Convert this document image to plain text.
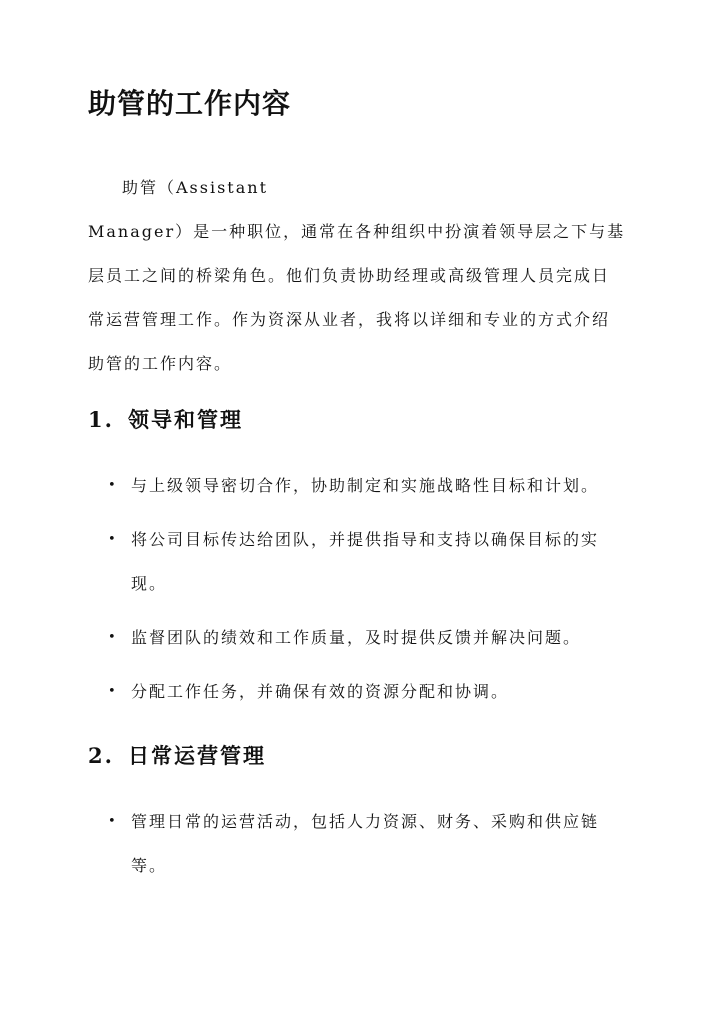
助管的工作内容

助管（Assistant
Manager）是一种职位，通常在各种组织中扮演着领导层之下与基
层员工之间的桥梁角色。他们负责协助经理或高级管理人员完成日
常运营管理工作。作为资深从业者，我将以详细和专业的方式介绍
助管的工作内容。

1. 领导和管理
• 与上级领导密切合作，协助制定和实施战略性目标和计划。
• 将公司目标传达给团队，并提供指导和支持以确保目标的实
现。
• 监督团队的绩效和工作质量，及时提供反馈并解决问题。
• 分配工作任务，并确保有效的资源分配和协调。
2. 日常运营管理
• 管理日常的运营活动，包括人力资源、财务、采购和供应链
等。
